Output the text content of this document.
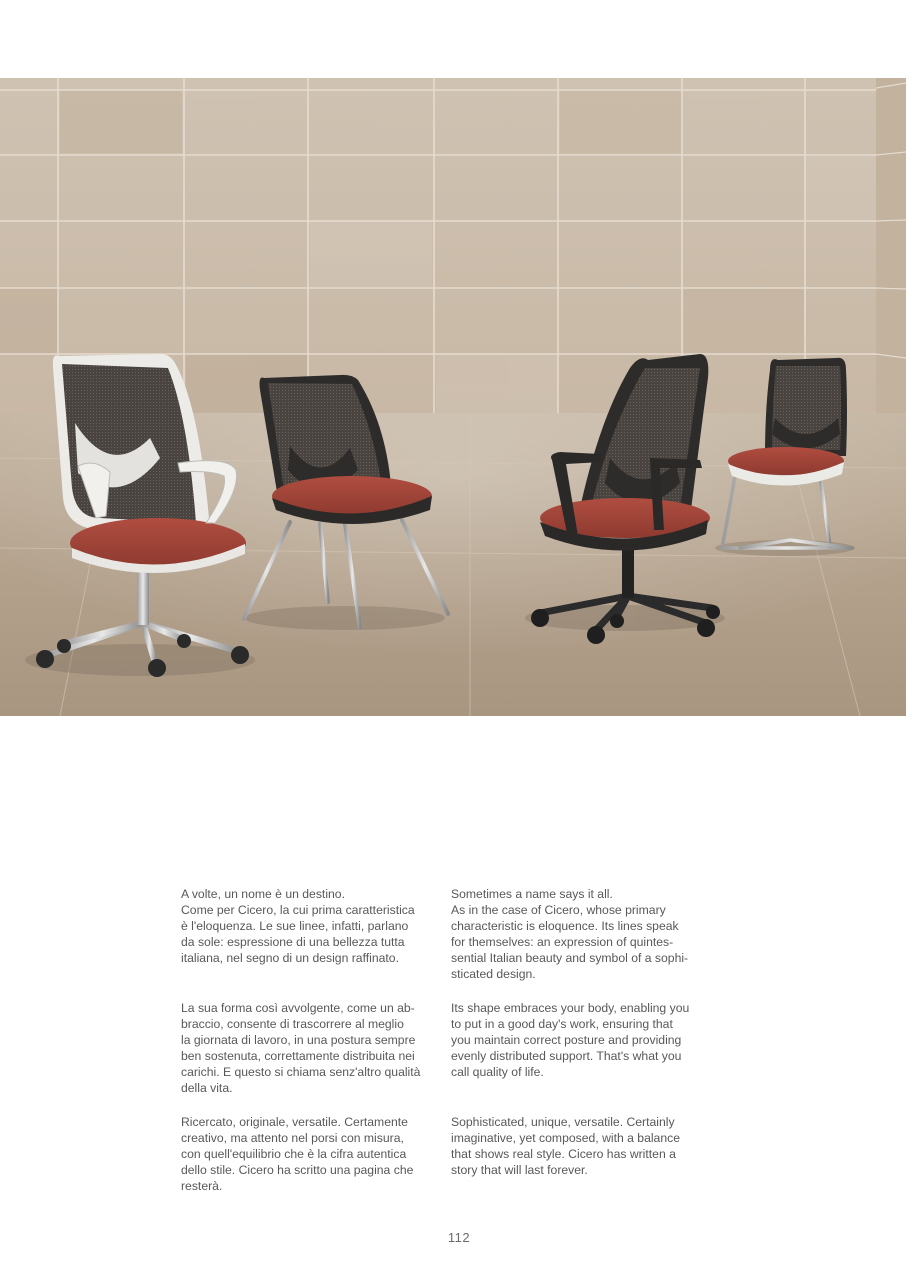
A volte, un nome è un destino.
Come per Cicero, la cui prima caratteristica
è l'eloquenza. Le sue linee, infatti, parlano
da sole: espressione di una bellezza tutta
italiana, nel segno di un design raffinato.
La sua forma così avvolgente, come un ab-
braccio, consente di trascorrere al meglio
la giornata di lavoro, in una postura sempre
ben sostenuta, correttamente distribuita nei
carichi. E questo si chiama senz'altro qualità
della vita.
Ricercato, originale, versatile. Certamente
creativo, ma attento nel porsi con misura,
con quell'equilibrio che è la cifra autentica
dello stile. Cicero ha scritto una pagina che
resterà.
Sometimes a name says it all.
As in the case of Cicero, whose primary
characteristic is eloquence. Its lines speak
for themselves: an expression of quintes-
sential Italian beauty and symbol of a sophi-
sticated design.
Its shape embraces your body, enabling you
to put in a good day's work, ensuring that
you maintain correct posture and providing
evenly distributed support. That's what you
call quality of life.
Sophisticated, unique, versatile. Certainly
imaginative, yet composed, with a balance
that shows real style. Cicero has written a
story that will last forever.
112
